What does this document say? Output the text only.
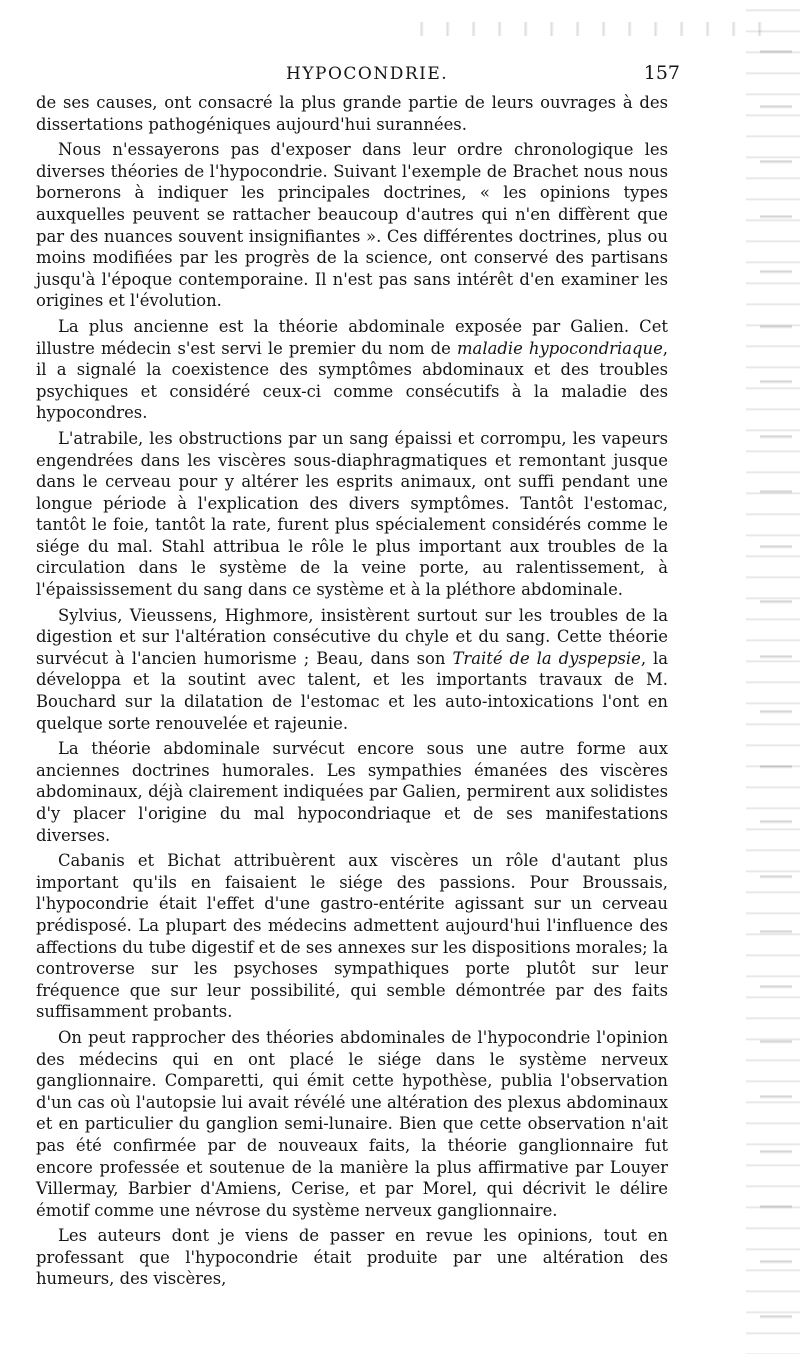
HYPOCONDRIE.	157

de ses causes, ont consacré la plus grande partie de leurs ouvrages à des dissertations pathogéniques aujourd'hui surannées.

Nous n'essayerons pas d'exposer dans leur ordre chronologique les diverses théories de l'hypocondrie. Suivant l'exemple de Brachet nous nous bornerons à indiquer les principales doctrines, « les opinions types auxquelles peuvent se rattacher beaucoup d'autres qui n'en diffèrent que par des nuances souvent insignifiantes ». Ces différentes doctrines, plus ou moins modifiées par les progrès de la science, ont conservé des partisans jusqu'à l'époque contemporaine. Il n'est pas sans intérêt d'en examiner les origines et l'évolution.

La plus ancienne est la théorie abdominale exposée par Galien. Cet illustre médecin s'est servi le premier du nom de maladie hypocondriaque, il a signalé la coexistence des symptômes abdominaux et des troubles psychiques et considéré ceux-ci comme consécutifs à la maladie des hypocondres.

L'atrabile, les obstructions par un sang épaissi et corrompu, les vapeurs engendrées dans les viscères sous-diaphragmatiques et remontant jusque dans le cerveau pour y altérer les esprits animaux, ont suffi pendant une longue période à l'explication des divers symptômes. Tantôt l'estomac, tantôt le foie, tantôt la rate, furent plus spécialement considérés comme le siége du mal. Stahl attribua le rôle le plus important aux troubles de la circulation dans le système de la veine porte, au ralentissement, à l'épaississement du sang dans ce système et à la pléthore abdominale.

Sylvius, Vieussens, Highmore, insistèrent surtout sur les troubles de la digestion et sur l'altération consécutive du chyle et du sang. Cette théorie survécut à l'ancien humorisme ; Beau, dans son Traité de la dyspepsie, la développa et la soutint avec talent, et les importants travaux de M. Bouchard sur la dilatation de l'estomac et les auto-intoxications l'ont en quelque sorte renouvelée et rajeunie.

La théorie abdominale survécut encore sous une autre forme aux anciennes doctrines humorales. Les sympathies émanées des viscères abdominaux, déjà clairement indiquées par Galien, permirent aux solidistes d'y placer l'origine du mal hypocondriaque et de ses manifestations diverses.

Cabanis et Bichat attribuèrent aux viscères un rôle d'autant plus important qu'ils en faisaient le siége des passions. Pour Broussais, l'hypocondrie était l'effet d'une gastro-entérite agissant sur un cerveau prédisposé. La plupart des médecins admettent aujourd'hui l'influence des affections du tube digestif et de ses annexes sur les dispositions morales; la controverse sur les psychoses sympathiques porte plutôt sur leur fréquence que sur leur possibilité, qui semble démontrée par des faits suffisamment probants.

On peut rapprocher des théories abdominales de l'hypocondrie l'opinion des médecins qui en ont placé le siége dans le système nerveux ganglionnaire. Comparetti, qui émit cette hypothèse, publia l'observation d'un cas où l'autopsie lui avait révélé une altération des plexus abdominaux et en particulier du ganglion semi-lunaire. Bien que cette observation n'ait pas été confirmée par de nouveaux faits, la théorie ganglionnaire fut encore professée et soutenue de la manière la plus affirmative par Louyer Villermay, Barbier d'Amiens, Cerise, et par Morel, qui décrivit le délire émotif comme une névrose du système nerveux ganglionnaire.

Les auteurs dont je viens de passer en revue les opinions, tout en professant que l'hypocondrie était produite par une altération des humeurs, des viscères,
